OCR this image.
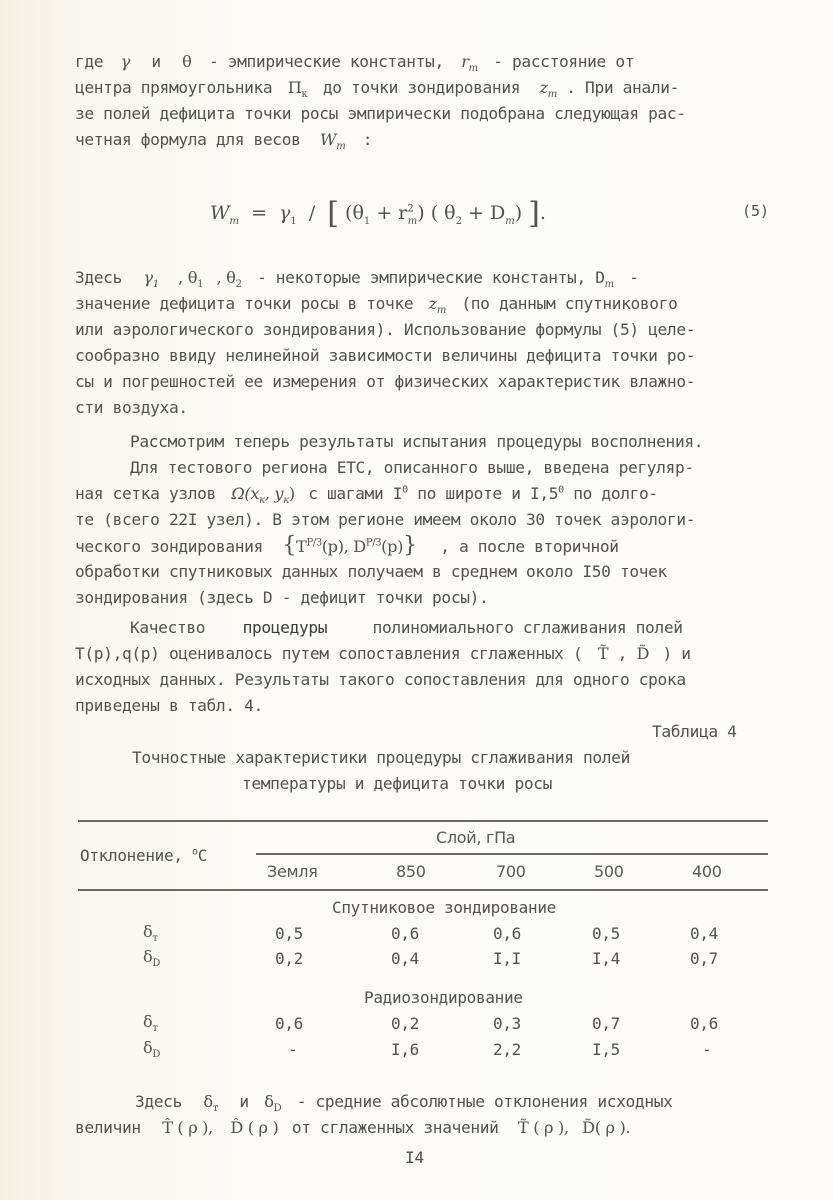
где γ и θ - эмпирические константы, $r_m$ - расстояние от
центра прямоугольника $П_к$ до точки зондирования $z_m$ . При анали-
зе полей дефицита точки росы эмпирически подобрана следующая рас-
четная формула для весов $W_m$ :
$W_m = \gamma_1$ / [ $(\theta_1 + r^2_m)$ ( $\theta_2 + D_m$) ].	(5)
Здесь $\gamma_1$ , $\theta_1$ , $\theta_2$ - некоторые эмпирические константы, $D_m$ -
значение дефицита точки росы в точке $z_m$ (по данным спутникового
или аэрологического зондирования). Использование формулы (5) целе-
сообразно ввиду нелинейной зависимости величины дефицита точки ро-
сы и погрешностей ее измерения от физических характеристик влажно-
сти воздуха.
Рассмотрим теперь результаты испытания процедуры восполнения.
Для тестового региона ЕТС, описанного выше, введена регуляр-
ная сетка узлов $\Omega(x_к$, $y_к$) с шагами $I^0$ по широте и $I,5^0$ по долго-
те (всего 22I узел). В этом регионе имеем около 30 точек аэрологи-
ческого зондирования {$T^{Р/З}(p)$, $D^{Р/З}(p)$} , а после вторичной
обработки спутниковых данных получаем в среднем около I50 точек
зондирования (здесь D - дефицит точки росы).
Качество процедуры	полиномиального сглаживания полей
T(p),q(p) оценивалось путем сопоставления сглаженных ( T̃ , D̃ ) и
исходных данных. Результаты такого сопоставления для одного срока
приведены в табл. 4.
Таблица 4
Точностные характеристики процедуры сглаживания полей
температуры и дефицита точки росы
Отклонение, $^о$С
Слой, гПа
Земля	850	700	500	400
Спутниковое зондирование
$\delta_т$	0,5	0,6	0,6	0,5	0,4
$\delta_D$	0,2	0,4	I,I	I,4	0,7
Радиозондирование
$\delta_т$	0,6	0,2	0,3	0,7	0,6
$\delta_D$	-	I,6	2,2	I,5	-
Здесь $\delta_т$ и $\delta_D$ - средние абсолютные отклонения исходных
величин T̂ ( ρ ), D̂ ( ρ ) от сглаженных значений T̃ ( ρ ), D̃( ρ ).
I4
